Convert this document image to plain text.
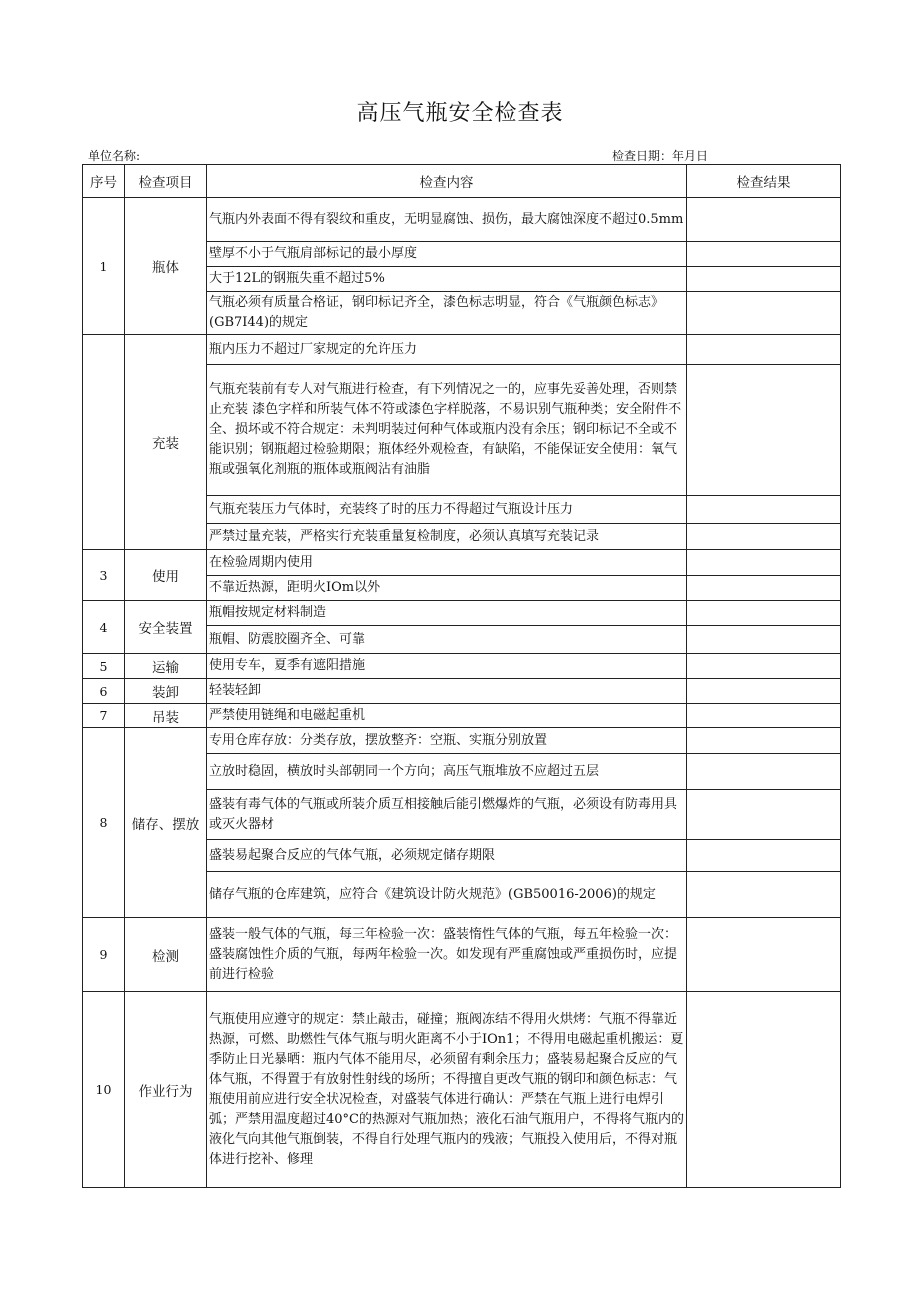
高压气瓶安全检查表
单位名称:	检查日期：年月日
序号	检查项目	检查内容	检查结果
1	瓶体	气瓶内外表面不得有裂纹和重皮，无明显腐蚀、损伤，最大腐蚀深度不超过0.5mm	
		壁厚不小于气瓶肩部标记的最小厚度	
		大于12L的钢瓶失重不超过5%	
		气瓶必须有质量合格证，钢印标记齐全，漆色标志明显，符合《气瓶颜色标志》(GB7I44)的规定	
	充装	瓶内压力不超过厂家规定的允许压力	
		气瓶充装前有专人对气瓶进行检查，有下列情况之一的，应事先妥善处理，否则禁止充装 漆色字样和所装气体不符或漆色字样脱落，不易识别气瓶种类；安全附件不全、损坏或不符合规定：未判明装过何种气体或瓶内没有余压；钢印标记不全或不能识别；钢瓶超过检验期限；瓶体经外观检查，有缺陷，不能保证安全使用：氧气瓶或强氧化剂瓶的瓶体或瓶阀沾有油脂	
		气瓶充装压力气体时，充装终了时的压力不得超过气瓶设计压力	
		严禁过量充装，严格实行充装重量复检制度，必须认真填写充装记录	
3	使用	在检验周期内使用	
		不靠近热源，距明火IOm以外	
4	安全装置	瓶帽按规定材料制造	
		瓶帽、防震胶圈齐全、可靠	
5	运输	使用专车，夏季有遮阳措施	
6	装卸	轻装轻卸	
7	吊装	严禁使用链绳和电磁起重机	
8	储存、摆放	专用仓库存放：分类存放，摆放整齐：空瓶、实瓶分别放置	
		立放时稳固，横放时头部朝同一个方向；高压气瓶堆放不应超过五层	
		盛装有毒气体的气瓶或所装介质互相接触后能引燃爆炸的气瓶，必须设有防毒用具或灭火器材	
		盛装易起聚合反应的气体气瓶，必须规定储存期限	
		储存气瓶的仓库建筑，应符合《建筑设计防火规范》(GB50016-2006)的规定	
9	检测	盛装一般气体的气瓶，每三年检验一次：盛装惰性气体的气瓶，每五年检验一次：盛装腐蚀性介质的气瓶，每两年检验一次。如发现有严重腐蚀或严重损伤时，应提前进行检验	
10	作业行为	气瓶使用应遵守的规定：禁止敲击，碰撞；瓶阀冻结不得用火烘烤：气瓶不得靠近热源，可燃、助燃性气体气瓶与明火距离不小于IOn1；不得用电磁起重机搬运：夏季防止日光暴晒：瓶内气体不能用尽，必须留有剩余压力；盛装易起聚合反应的气体气瓶，不得置于有放射性射线的场所；不得擅自更改气瓶的钢印和颜色标志：气瓶使用前应进行安全状况检查，对盛装气体进行确认：严禁在气瓶上进行电焊引弧；严禁用温度超过40°C的热源对气瓶加热；液化石油气瓶用户，不得将气瓶内的液化气向其他气瓶倒装，不得自行处理气瓶内的残液；气瓶投入使用后，不得对瓶体进行挖补、修理	
